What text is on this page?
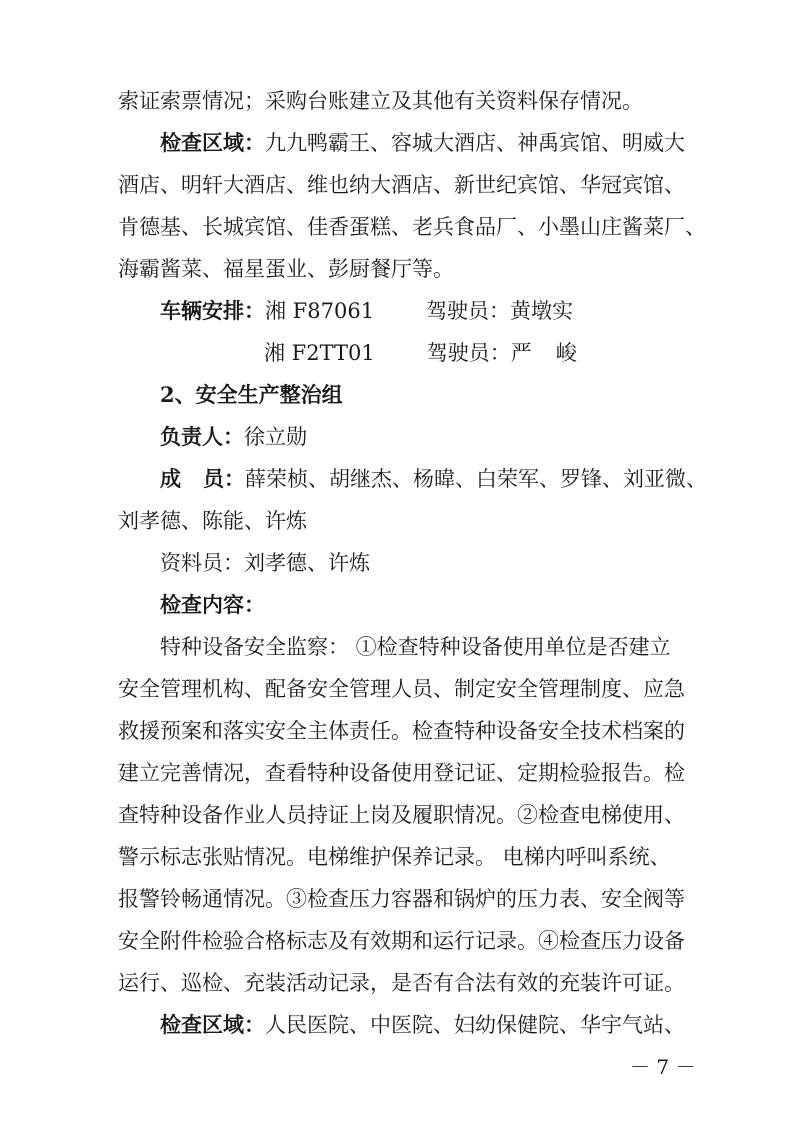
索证索票情况；采购台账建立及其他有关资料保存情况。
检查区域：九九鸭霸王、容城大酒店、神禹宾馆、明威大
酒店、明轩大酒店、维也纳大酒店、新世纪宾馆、华冠宾馆、
肯德基、长城宾馆、佳香蛋糕、老兵食品厂、小墨山庄酱菜厂、
海霸酱菜、福星蛋业、彭厨餐厅等。
车辆安排：湘 F87061 驾驶员：黄墩实
湘 F2TT01 驾驶员：严 峻
2、安全生产整治组
负责人：徐立勋
成 员：薛荣桢、胡继杰、杨暐、白荣军、罗锋、刘亚微、
刘孝德、陈能、许炼
资料员：刘孝德、许炼
检查内容：
特种设备安全监察： ①检查特种设备使用单位是否建立
安全管理机构、配备安全管理人员、制定安全管理制度、应急
救援预案和落实安全主体责任。检查特种设备安全技术档案的
建立完善情况，查看特种设备使用登记证、定期检验报告。检
查特种设备作业人员持证上岗及履职情况。②检查电梯使用、
警示标志张贴情况。电梯维护保养记录。 电梯内呼叫系统、
报警铃畅通情况。③检查压力容器和锅炉的压力表、安全阀等
安全附件检验合格标志及有效期和运行记录。④检查压力设备
运行、巡检、充装活动记录，是否有合法有效的充装许可证。
检查区域：人民医院、中医院、妇幼保健院、华宇气站、
－ 7 －
